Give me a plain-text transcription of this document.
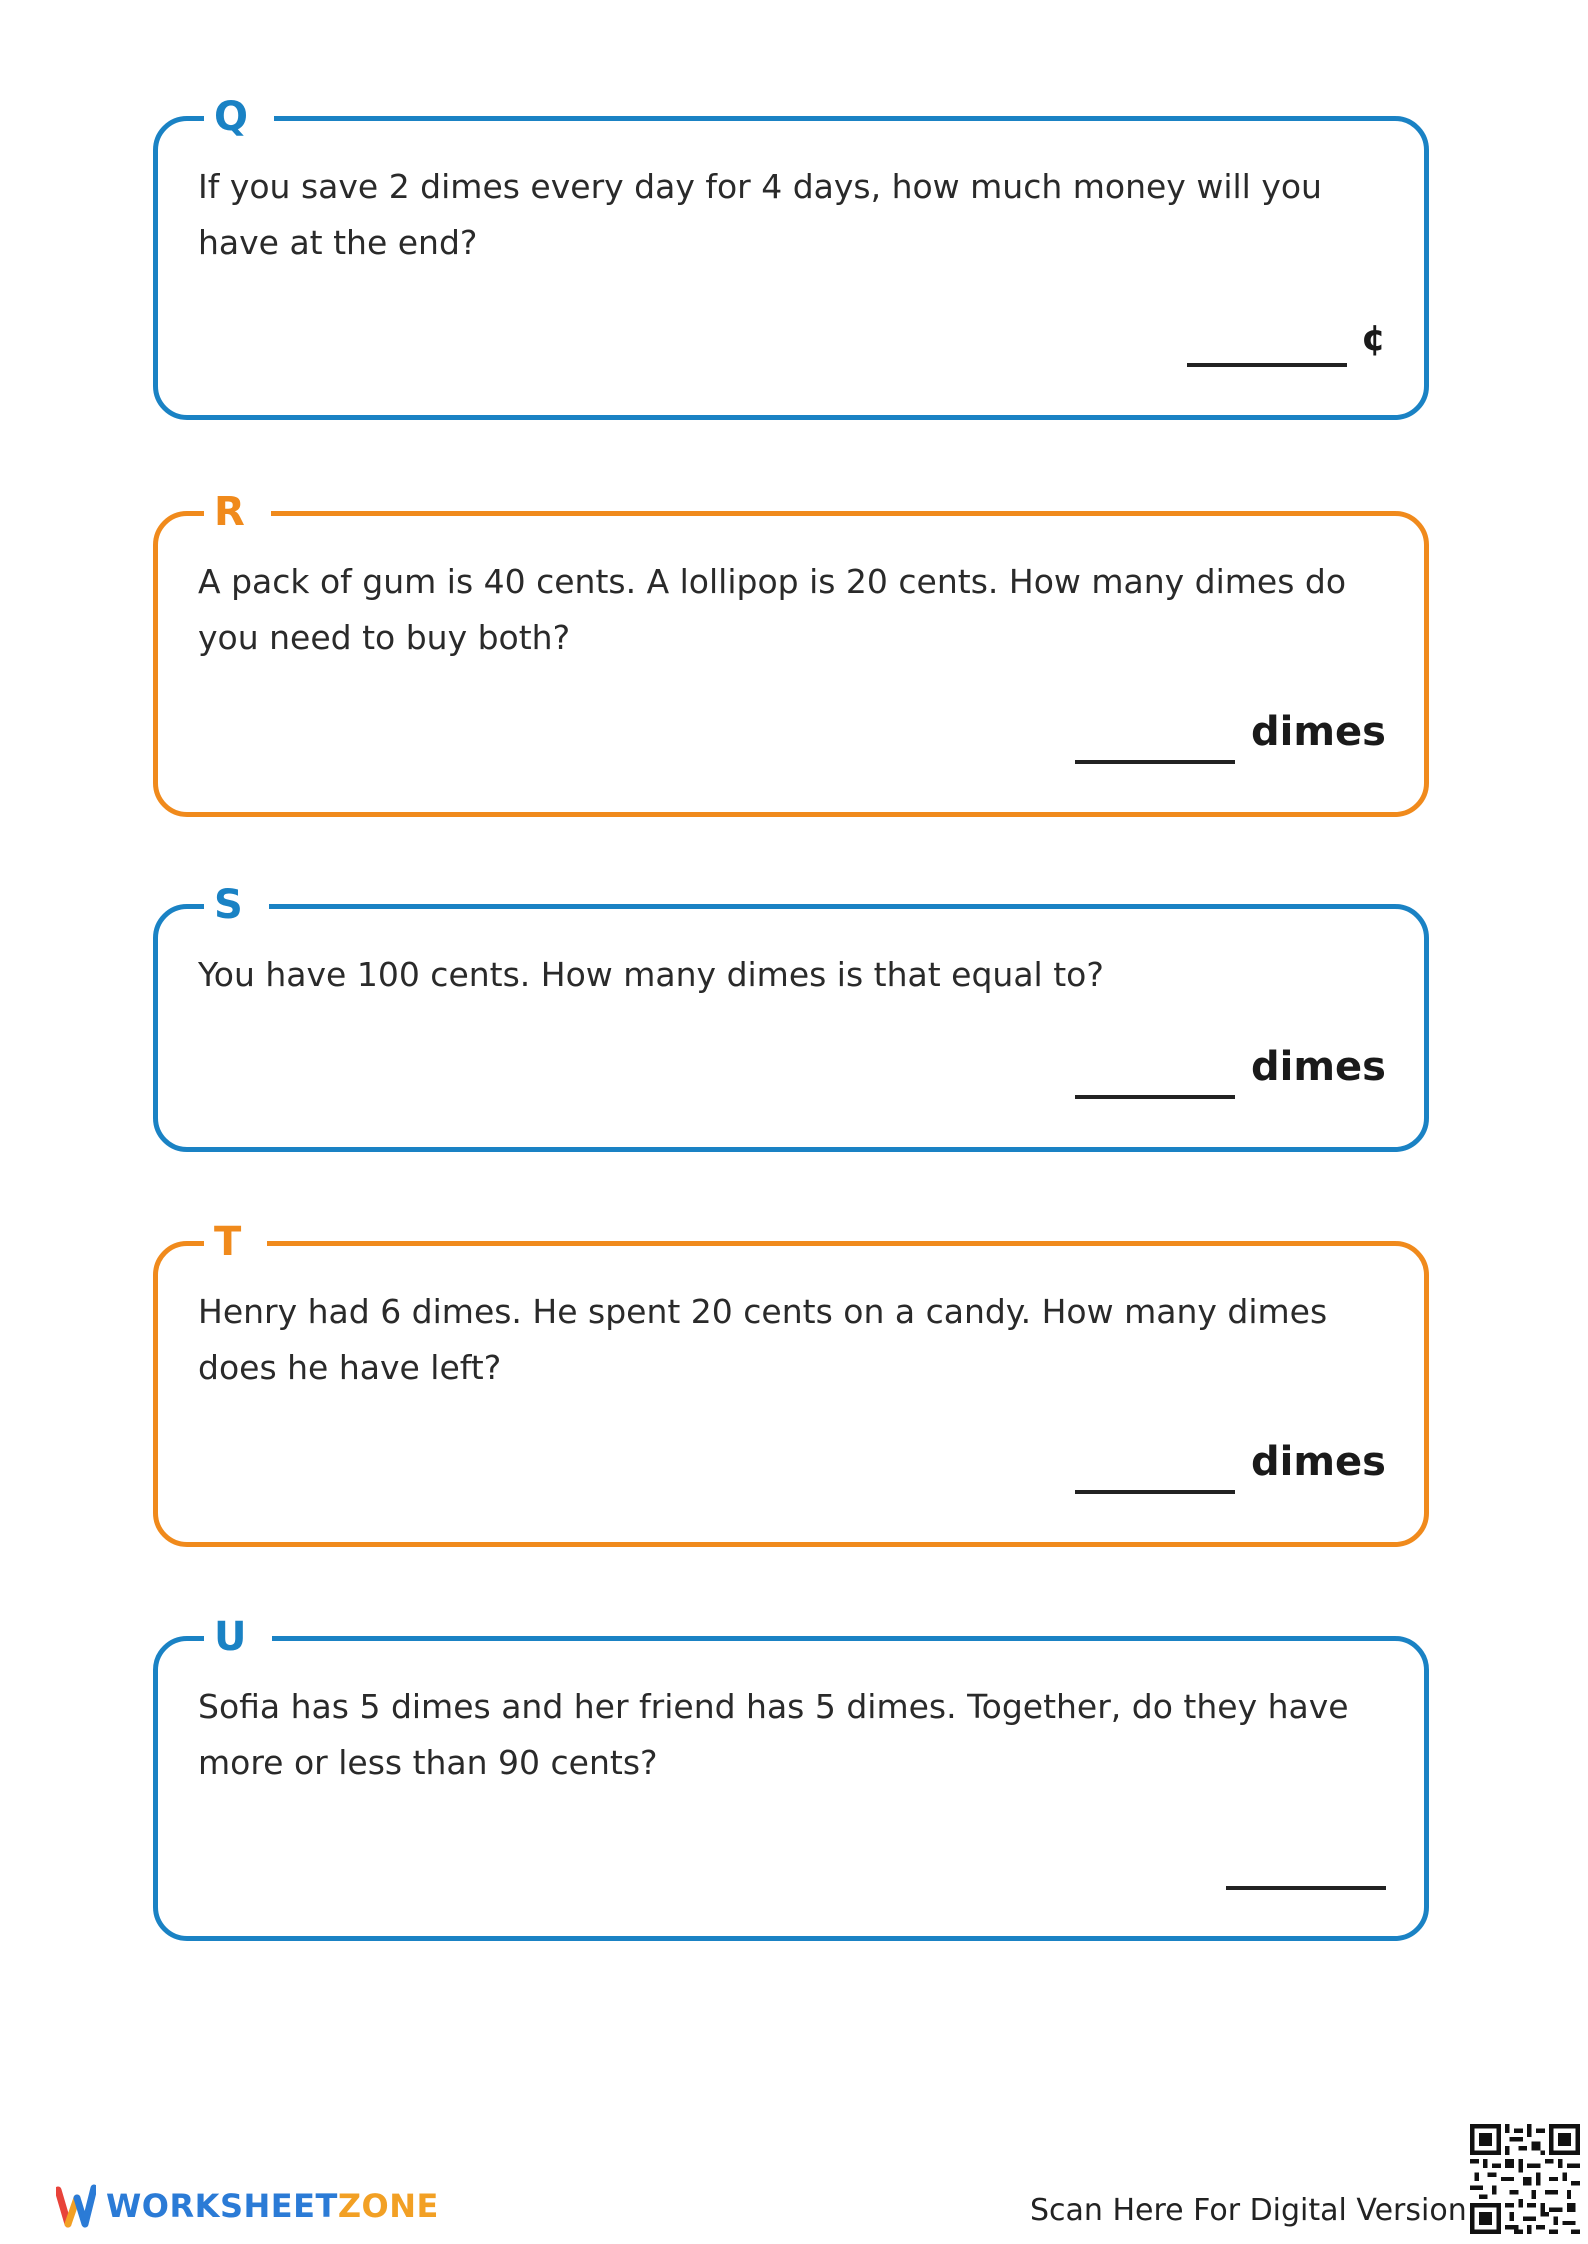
Q

If you save 2 dimes every day for 4 days, how much money will you have at the end?

¢
R

A pack of gum is 40 cents. A lollipop is 20 cents. How many dimes do you need to buy both?

dimes
S

You have 100 cents. How many dimes is that equal to?

dimes
T

Henry had 6 dimes. He spent 20 cents on a candy. How many dimes does he have left?

dimes
U

Sofia has 5 dimes and her friend has 5 dimes. Together, do they have more or less than 90 cents?

WORKSHEETZONE	Scan Here For Digital Version
